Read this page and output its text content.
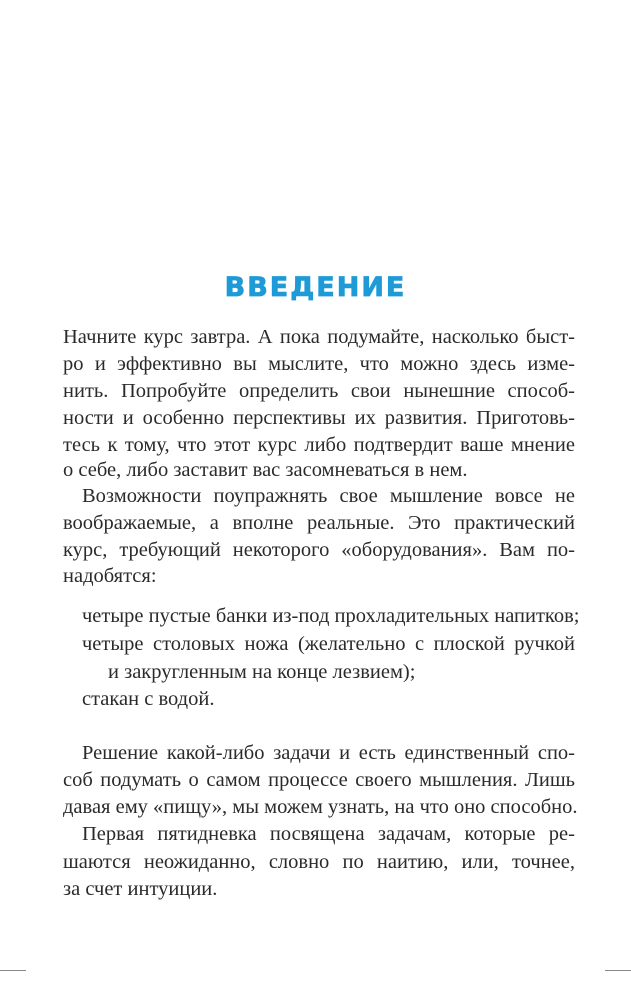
ВВЕДЕНИЕ
Начните курс завтра. А пока подумайте, насколько быст-
ро и эффективно вы мыслите, что можно здесь изме-
нить. Попробуйте определить свои нынешние способ-
ности и особенно перспективы их развития. Приготовь-
тесь к тому, что этот курс либо подтвердит ваше мнение
о себе, либо заставит вас засомневаться в нем.
Возможности поупражнять свое мышление вовсе не
воображаемые, а вполне реальные. Это практический
курс, требующий некоторого «оборудования». Вам по-
надобятся:
четыре пустые банки из-под прохладительных напитков;
четыре столовых ножа (желательно с плоской ручкой
и закругленным на конце лезвием);
стакан с водой.
Решение какой-либо задачи и есть единственный спо-
соб подумать о самом процессе своего мышления. Лишь
давая ему «пищу», мы можем узнать, на что оно способно.
Первая пятидневка посвящена задачам, которые ре-
шаются неожиданно, словно по наитию, или, точнее,
за счет интуиции.
